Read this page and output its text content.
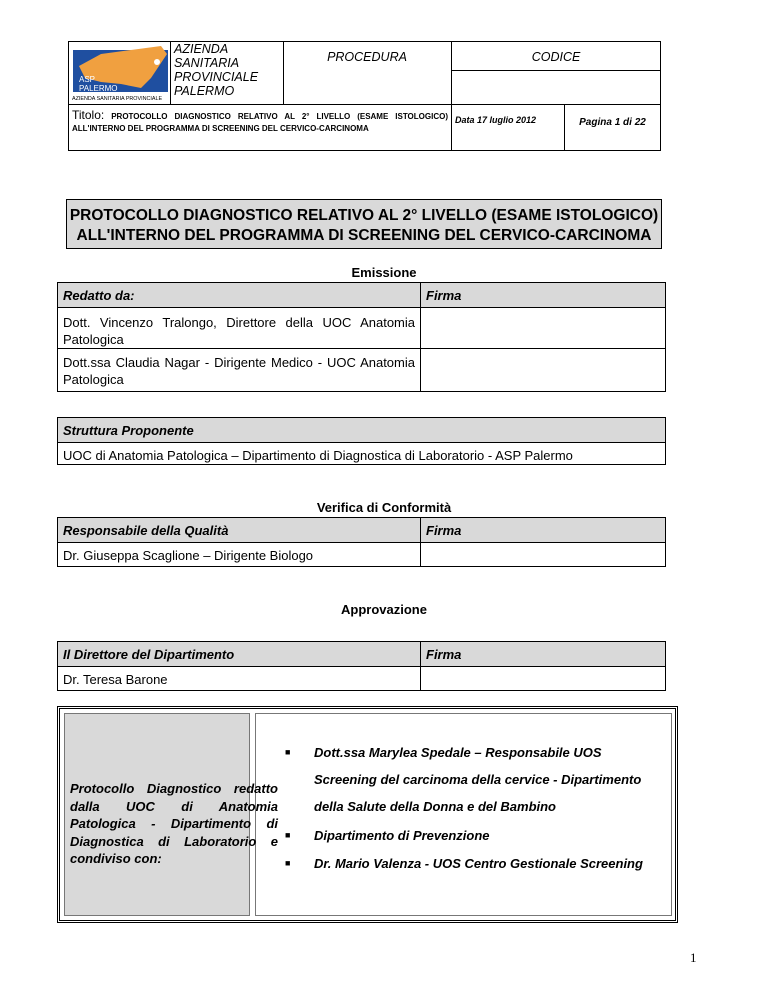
ASP
PALERMO
AZIENDA SANITARIA PROVINCIALE
AZIENDA
SANITARIA
PROVINCIALE
PALERMO
PROCEDURA	CODICE
Titolo: PROTOCOLLO DIAGNOSTICO RELATIVO AL 2° LIVELLO (ESAME ISTOLOGICO) ALL'INTERNO DEL PROGRAMMA DI SCREENING DEL CERVICO-CARCINOMA
Data 17 luglio 2012	Pagina 1 di 22
PROTOCOLLO DIAGNOSTICO RELATIVO AL 2° LIVELLO (ESAME ISTOLOGICO)
ALL'INTERNO DEL PROGRAMMA DI SCREENING DEL CERVICO-CARCINOMA
Emissione
Redatto da:	Firma
Dott. Vincenzo Tralongo, Direttore della UOC Anatomia Patologica
Dott.ssa Claudia Nagar - Dirigente Medico - UOC Anatomia Patologica
Struttura Proponente
UOC di Anatomia Patologica – Dipartimento di Diagnostica di Laboratorio - ASP Palermo
Verifica di Conformità
Responsabile della Qualità	Firma
Dr. Giuseppa Scaglione – Dirigente Biologo
Approvazione
Il Direttore del Dipartimento	Firma
Dr. Teresa Barone
Protocollo Diagnostico redatto dalla UOC di Anatomia Patologica - Dipartimento di Diagnostica di Laboratorio e condiviso con:
■ Dott.ssa Marylea Spedale – Responsabile UOS Screening del carcinoma della cervice - Dipartimento della Salute della Donna e del Bambino
■ Dipartimento di Prevenzione
■ Dr. Mario Valenza - UOS Centro Gestionale Screening
1
